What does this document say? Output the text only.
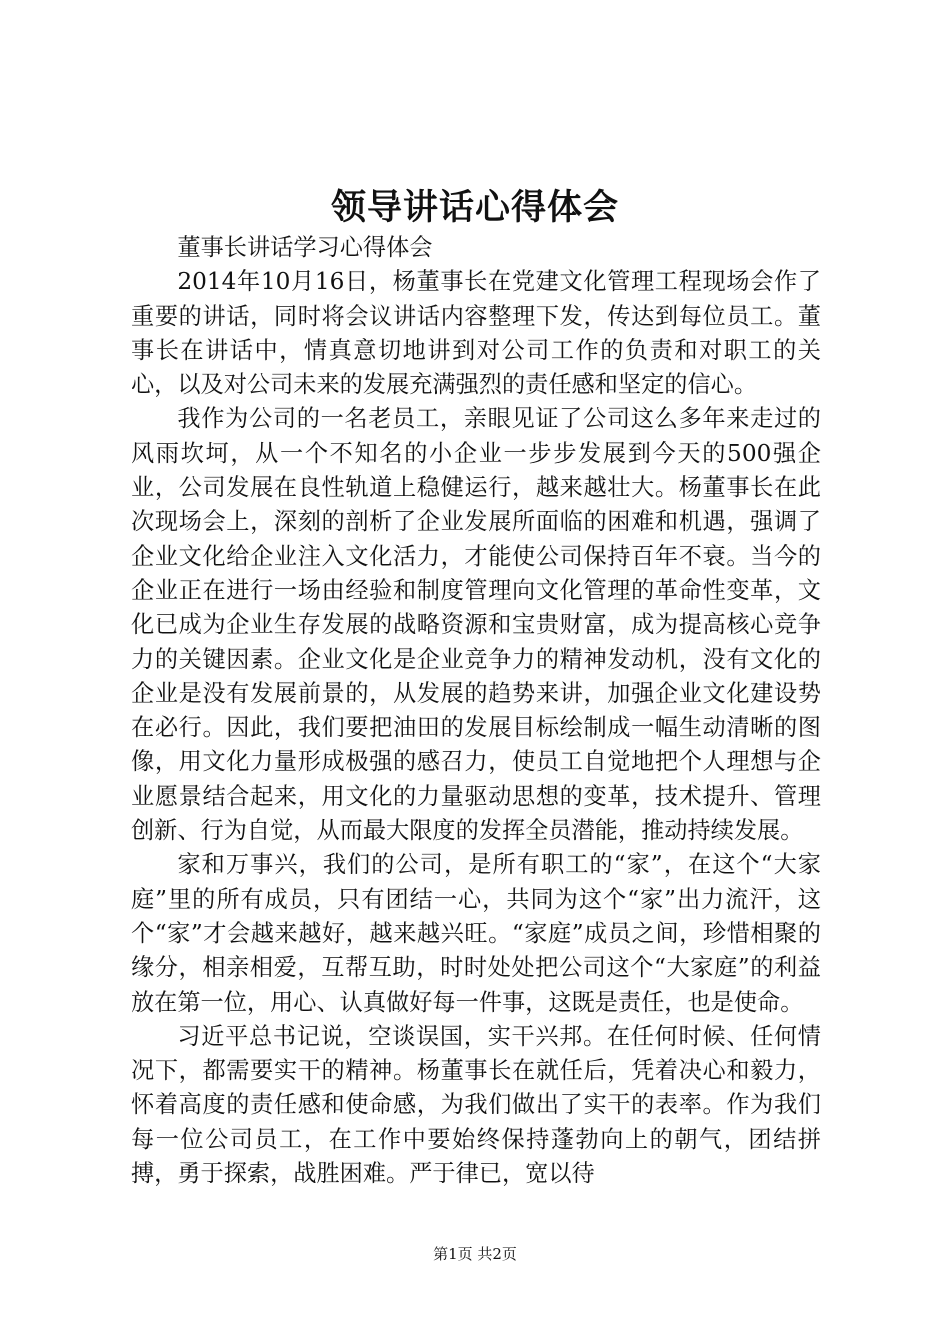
领导讲话心得体会

董事长讲话学习心得体会

2014年10月16日，杨董事长在党建文化管理工程现场会作了重要的讲话，同时将会议讲话内容整理下发，传达到每位员工。董事长在讲话中，情真意切地讲到对公司工作的负责和对职工的关心，以及对公司未来的发展充满强烈的责任感和坚定的信心。

我作为公司的一名老员工，亲眼见证了公司这么多年来走过的风雨坎坷，从一个不知名的小企业一步步发展到今天的500强企业，公司发展在良性轨道上稳健运行，越来越壮大。杨董事长在此次现场会上，深刻的剖析了企业发展所面临的困难和机遇，强调了企业文化给企业注入文化活力，才能使公司保持百年不衰。当今的企业正在进行一场由经验和制度管理向文化管理的革命性变革，文化已成为企业生存发展的战略资源和宝贵财富，成为提高核心竞争力的关键因素。企业文化是企业竞争力的精神发动机，没有文化的企业是没有发展前景的，从发展的趋势来讲，加强企业文化建设势在必行。因此，我们要把油田的发展目标绘制成一幅生动清晰的图像，用文化力量形成极强的感召力，使员工自觉地把个人理想与企业愿景结合起来，用文化的力量驱动思想的变革，技术提升、管理创新、行为自觉，从而最大限度的发挥全员潜能，推动持续发展。

家和万事兴，我们的公司，是所有职工的“家”，在这个“大家庭”里的所有成员，只有团结一心，共同为这个“家”出力流汗，这个“家”才会越来越好，越来越兴旺。“家庭”成员之间，珍惜相聚的缘分，相亲相爱，互帮互助，时时处处把公司这个“大家庭”的利益放在第一位，用心、认真做好每一件事，这既是责任，也是使命。

习近平总书记说，空谈误国，实干兴邦。在任何时候、任何情况下，都需要实干的精神。杨董事长在就任后，凭着决心和毅力，怀着高度的责任感和使命感，为我们做出了实干的表率。作为我们每一位公司员工，在工作中要始终保持蓬勃向上的朝气，团结拼搏，勇于探索，战胜困难。严于律已，宽以待

第1页 共2页
